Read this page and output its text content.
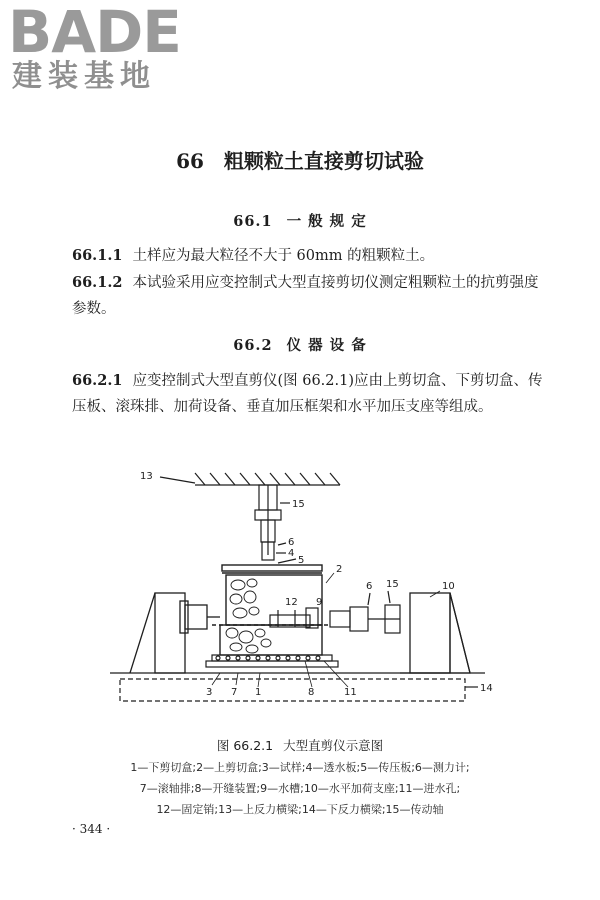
BADE
建装基地
66 粗颗粒土直接剪切试验
66.1 一 般 规 定
66.1.1 土样应为最大粒径不大于 60mm 的粗颗粒土。
66.1.2 本试验采用应变控制式大型直接剪切仪测定粗颗粒土的抗剪强度参数。
66.2 仪 器 设 备
66.2.1 应变控制式大型直剪仪(图 66.2.1)应由上剪切盒、下剪切盒、传压板、滚珠排、加荷设备、垂直加压框架和水平加压支座等组成。
13
15
6
4
5
2
6 15	10
12 9
3 7 1	8	11	14
图 66.2.1 大型直剪仪示意图
1—下剪切盒;2—上剪切盒;3—试样;4—透水板;5—传压板;6—测力计;
7—滚轴排;8—开缝装置;9—水槽;10—水平加荷支座;11—进水孔;
12—固定销;13—上反力横梁;14—下反力横梁;15—传动轴
· 344 ·
